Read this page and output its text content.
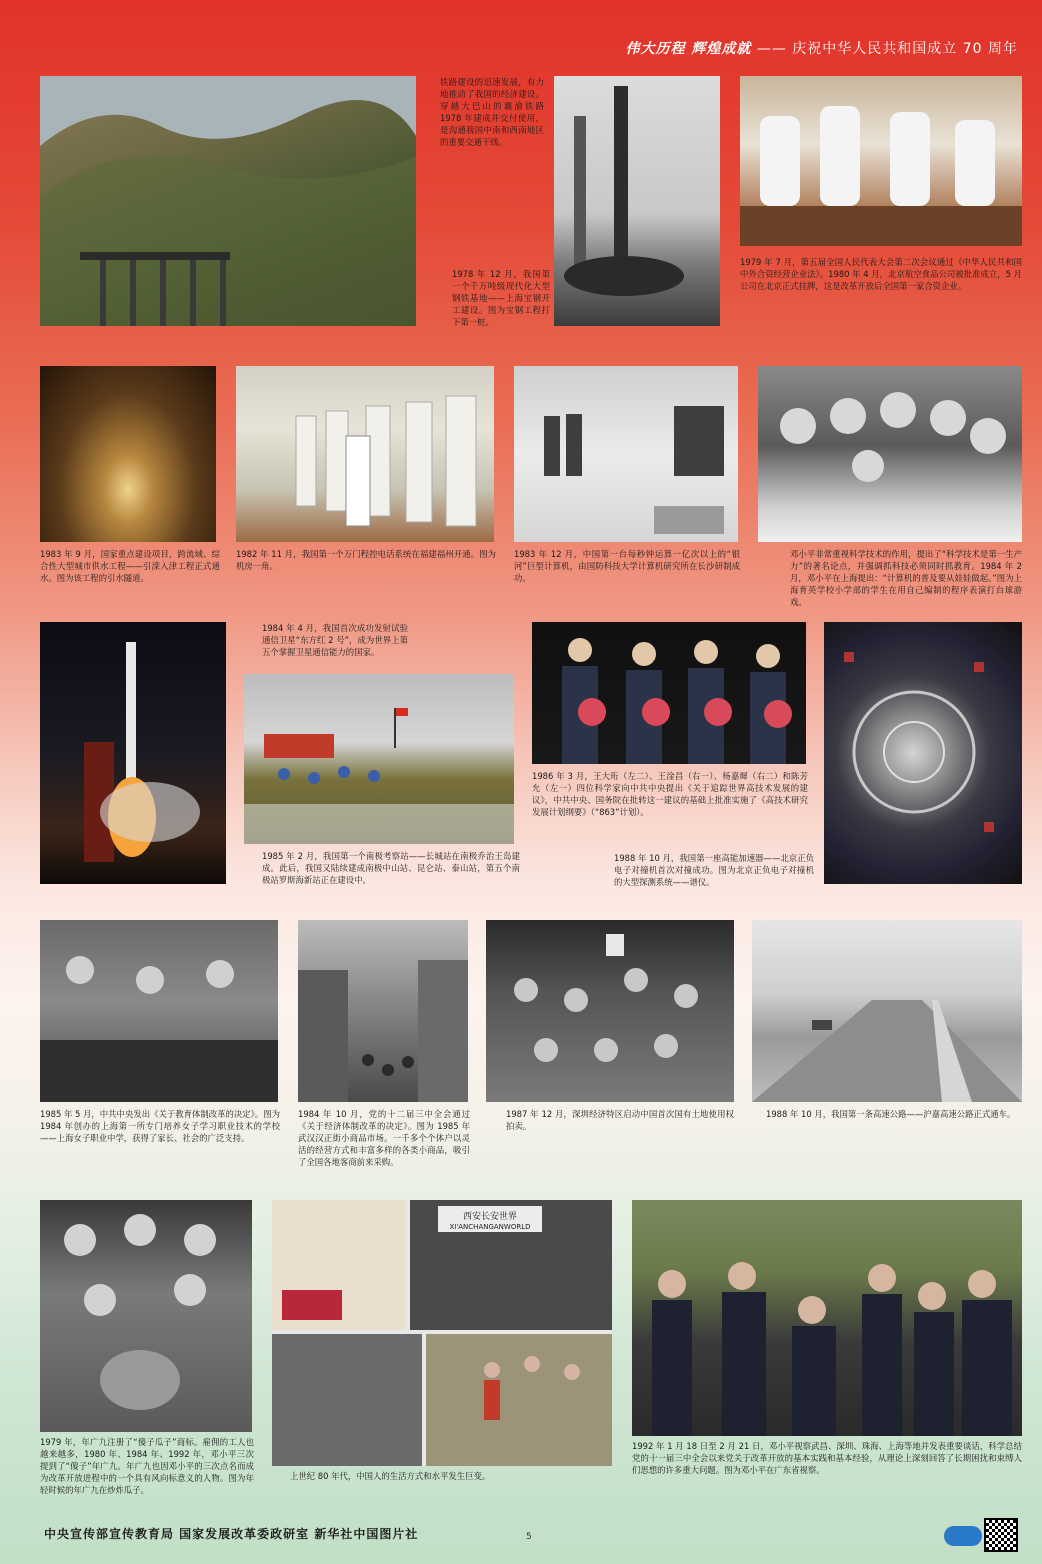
伟大历程 辉煌成就 —— 庆祝中华人民共和国成立 70 周年
铁路建设的迅速发展，有力地推动了我国的经济建设。穿越大巴山的襄渝铁路 1978 年建成并交付使用，是沟通我国中南和西南地区的重要交通干线。
1978 年 12 月，我国第一个千万吨级现代化大型钢铁基地——上海宝钢开工建设。图为宝钢工程打下第一桩。
1979 年 7 月，第五届全国人民代表大会第二次会议通过《中华人民共和国中外合资经营企业法》。1980 年 4 月，北京航空食品公司被批准成立，5 月公司在北京正式挂牌，这是改革开放后全国第一家合资企业。
1983 年 9 月，国家重点建设项目，跨流域、综合性大型城市供水工程——引滦入津工程正式通水。图为该工程的引水隧道。
1982 年 11 月，我国第一个万门程控电话系统在福建福州开通。图为机房一角。
1983 年 12 月，中国第一台每秒钟运算一亿次以上的“银河”巨型计算机，由国防科技大学计算机研究所在长沙研制成功。
邓小平非常重视科学技术的作用，提出了“科学技术是第一生产力”的著名论点，并强调抓科技必须同时抓教育。1984 年 2 月，邓小平在上海提出：“计算机的普及要从娃娃做起。”图为上海育英学校小学部的学生在用自己编制的程序表演打台球游戏。
1984 年 4 月，我国首次成功发射试验通信卫星“东方红 2 号”，成为世界上第五个掌握卫星通信能力的国家。
1985 年 2 月，我国第一个南极考察站——长城站在南极乔治王岛建成。此后，我国又陆续建成南极中山站、昆仑站、泰山站，第五个南极站罗斯海新站正在建设中。
1986 年 3 月，王大珩（左二）、王淦昌（右一）、杨嘉墀（右二）和陈芳允（左一）四位科学家向中共中央提出《关于追踪世界高技术发展的建议》，中共中央、国务院在批转这一建议的基础上批准实施了《高技术研究发展计划纲要》（“863”计划）。
1988 年 10 月，我国第一座高能加速器——北京正负电子对撞机首次对撞成功。图为北京正负电子对撞机的大型探测系统——谱仪。
1985 年 5 月，中共中央发出《关于教育体制改革的决定》。图为 1984 年创办的上海第一所专门培养女子学习职业技术的学校——上海女子职业中学，获得了家长、社会的广泛支持。
1984 年 10 月，党的十二届三中全会通过《关于经济体制改革的决定》。图为 1985 年武汉汉正街小商品市场。一千多个个体户以灵活的经营方式和丰富多样的各类小商品，吸引了全国各地客商前来采购。
1987 年 12 月，深圳经济特区启动中国首次国有土地使用权拍卖。
1988 年 10 月，我国第一条高速公路——沪嘉高速公路正式通车。
1979 年，年广九注册了“傻子瓜子”商标。雇佣的工人也越来越多，1980 年、1984 年、1992 年，邓小平三次提到了“傻子”年广九。年广九也因邓小平的三次点名而成为改革开放进程中的一个具有风向标意义的人物。图为年轻时候的年广九在炒炸瓜子。
西安长安世界
XI'ANCHANGANWORLD
上世纪 80 年代，中国人的生活方式和水平发生巨变。
1992 年 1 月 18 日至 2 月 21 日，邓小平视察武昌、深圳、珠海、上海等地并发表重要谈话，科学总结党的十一届三中全会以来党关于改革开放的基本实践和基本经验，从理论上深刻回答了长期困扰和束缚人们思想的许多重大问题。图为邓小平在广东省视察。
中央宣传部宣传教育局 国家发展改革委政研室 新华社中国图片社	5
